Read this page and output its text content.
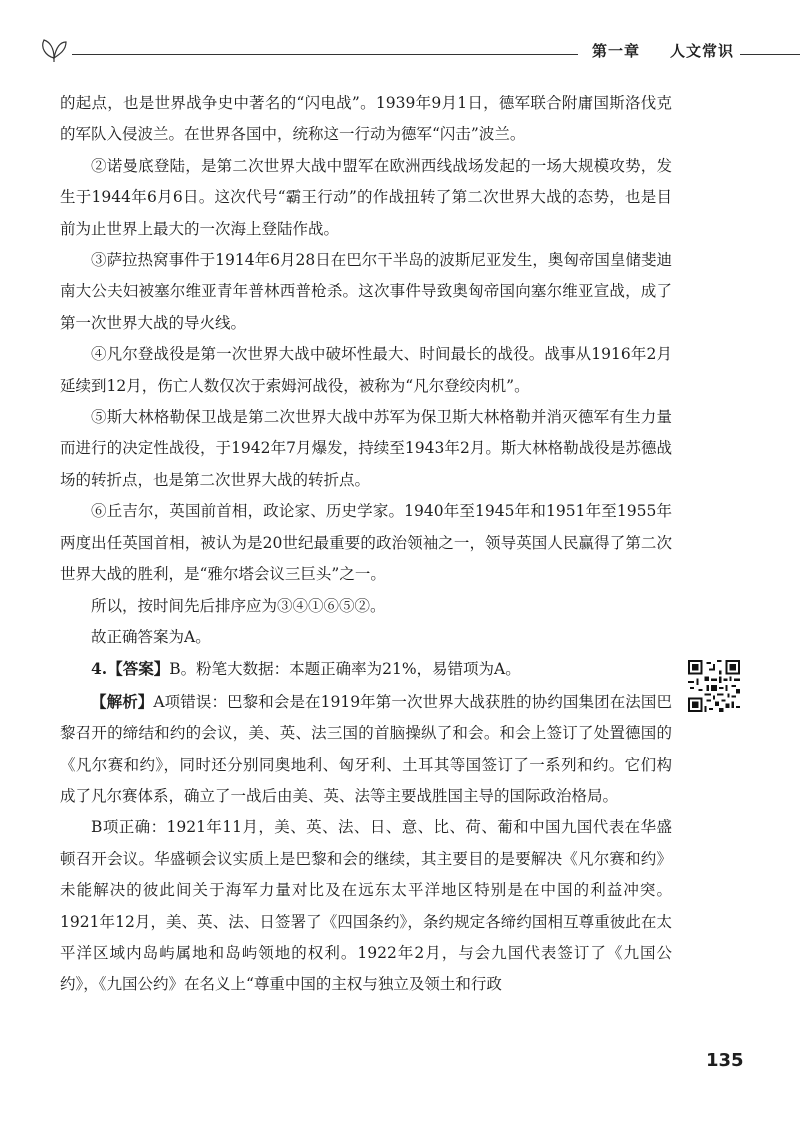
第一章 人文常识

的起点，也是世界战争史中著名的“闪电战”。1939年9月1日，德军联合附庸国斯洛伐克的军队入侵波兰。在世界各国中，统称这一行动为德军“闪击”波兰。

②诺曼底登陆，是第二次世界大战中盟军在欧洲西线战场发起的一场大规模攻势，发生于1944年6月6日。这次代号“霸王行动”的作战扭转了第二次世界大战的态势，也是目前为止世界上最大的一次海上登陆作战。

③萨拉热窝事件于1914年6月28日在巴尔干半岛的波斯尼亚发生，奥匈帝国皇储斐迪南大公夫妇被塞尔维亚青年普林西普枪杀。这次事件导致奥匈帝国向塞尔维亚宣战，成了第一次世界大战的导火线。

④凡尔登战役是第一次世界大战中破坏性最大、时间最长的战役。战事从1916年2月延续到12月，伤亡人数仅次于索姆河战役，被称为“凡尔登绞肉机”。

⑤斯大林格勒保卫战是第二次世界大战中苏军为保卫斯大林格勒并消灭德军有生力量而进行的决定性战役，于1942年7月爆发，持续至1943年2月。斯大林格勒战役是苏德战场的转折点，也是第二次世界大战的转折点。

⑥丘吉尔，英国前首相，政论家、历史学家。1940年至1945年和1951年至1955年两度出任英国首相，被认为是20世纪最重要的政治领袖之一，领导英国人民赢得了第二次世界大战的胜利，是“雅尔塔会议三巨头”之一。

所以，按时间先后排序应为③④①⑥⑤②。

故正确答案为A。

4.【答案】B。粉笔大数据：本题正确率为21%，易错项为A。

【解析】A项错误：巴黎和会是在1919年第一次世界大战获胜的协约国集团在法国巴黎召开的缔结和约的会议，美、英、法三国的首脑操纵了和会。和会上签订了处置德国的《凡尔赛和约》，同时还分别同奥地利、匈牙利、土耳其等国签订了一系列和约。它们构成了凡尔赛体系，确立了一战后由美、英、法等主要战胜国主导的国际政治格局。

B项正确：1921年11月，美、英、法、日、意、比、荷、葡和中国九国代表在华盛顿召开会议。华盛顿会议实质上是巴黎和会的继续，其主要目的是要解决《凡尔赛和约》未能解决的彼此间关于海军力量对比及在远东太平洋地区特别是在中国的利益冲突。1921年12月，美、英、法、日签署了《四国条约》，条约规定各缔约国相互尊重彼此在太平洋区域内岛屿属地和岛屿领地的权利。1922年2月，与会九国代表签订了《九国公约》，《九国公约》在名义上“尊重中国的主权与独立及领土和行政

135
